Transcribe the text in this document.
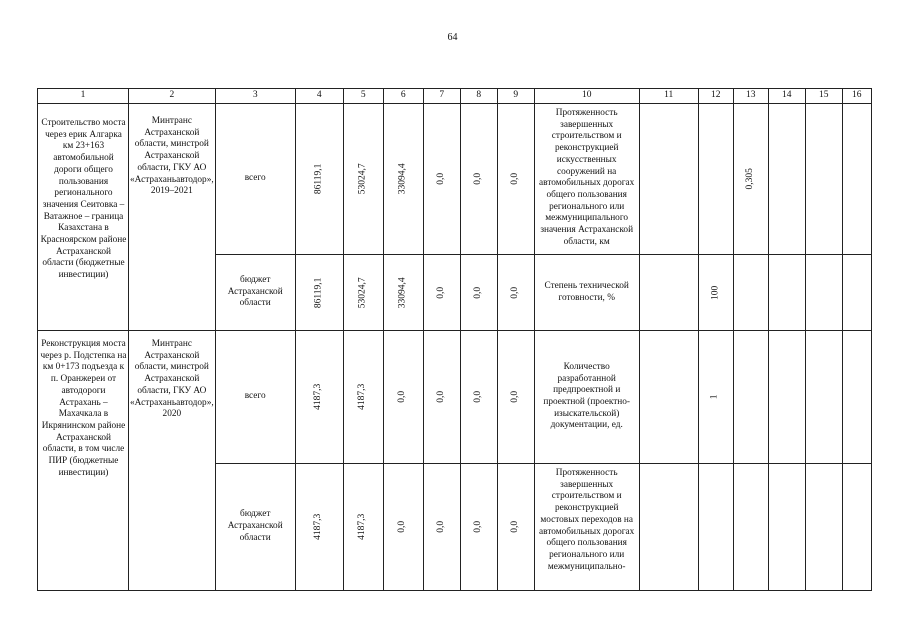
64
1	2	3	4	5	6	7	8	9	10	11	12	13	14	15	16
Строительство моста через ерик Алгарка км 23+163 автомобильной дороги общего пользования регионального значения Сеитовка – Ватажное – граница Казахстана в Красноярском районе Астраханской области (бюджетные инвестиции)	Минтранс Астраханской области, минстрой Астраханской области, ГКУ АО «Астраханьавтодор», 2019–2021	всего	86119,1	53024,7	33094,4	0,0	0,0	0,0	Протяженность завершенных строительством и реконструкцией искусственных сооружений на автомобильных дорогах общего пользования регионального или межмуниципального значения Астраханской области, км			0,305			
		бюджет Астраханской области	86119,1	53024,7	33094,4	0,0	0,0	0,0	Степень технической готовности, %		100				
Реконструкция моста через р. Подстепка на км 0+173 подъезда к п. Оранжереи от автодороги Астрахань – Махачкала в Икрянинском районе Астраханской области, в том числе ПИР (бюджетные инвестиции)	Минтранс Астраханской области, минстрой Астраханской области, ГКУ АО «Астраханьавтодор», 2020	всего	4187,3	4187,3	0,0	0,0	0,0	0,0	Количество разработанной предпроектной и проектной (проектно-изыскательской) документации, ед.		1				
		бюджет Астраханской области	4187,3	4187,3	0,0	0,0	0,0	0,0	Протяженность завершенных строительством и реконструкцией мостовых переходов на автомобильных дорогах общего пользования регионального или межмуниципально-						
